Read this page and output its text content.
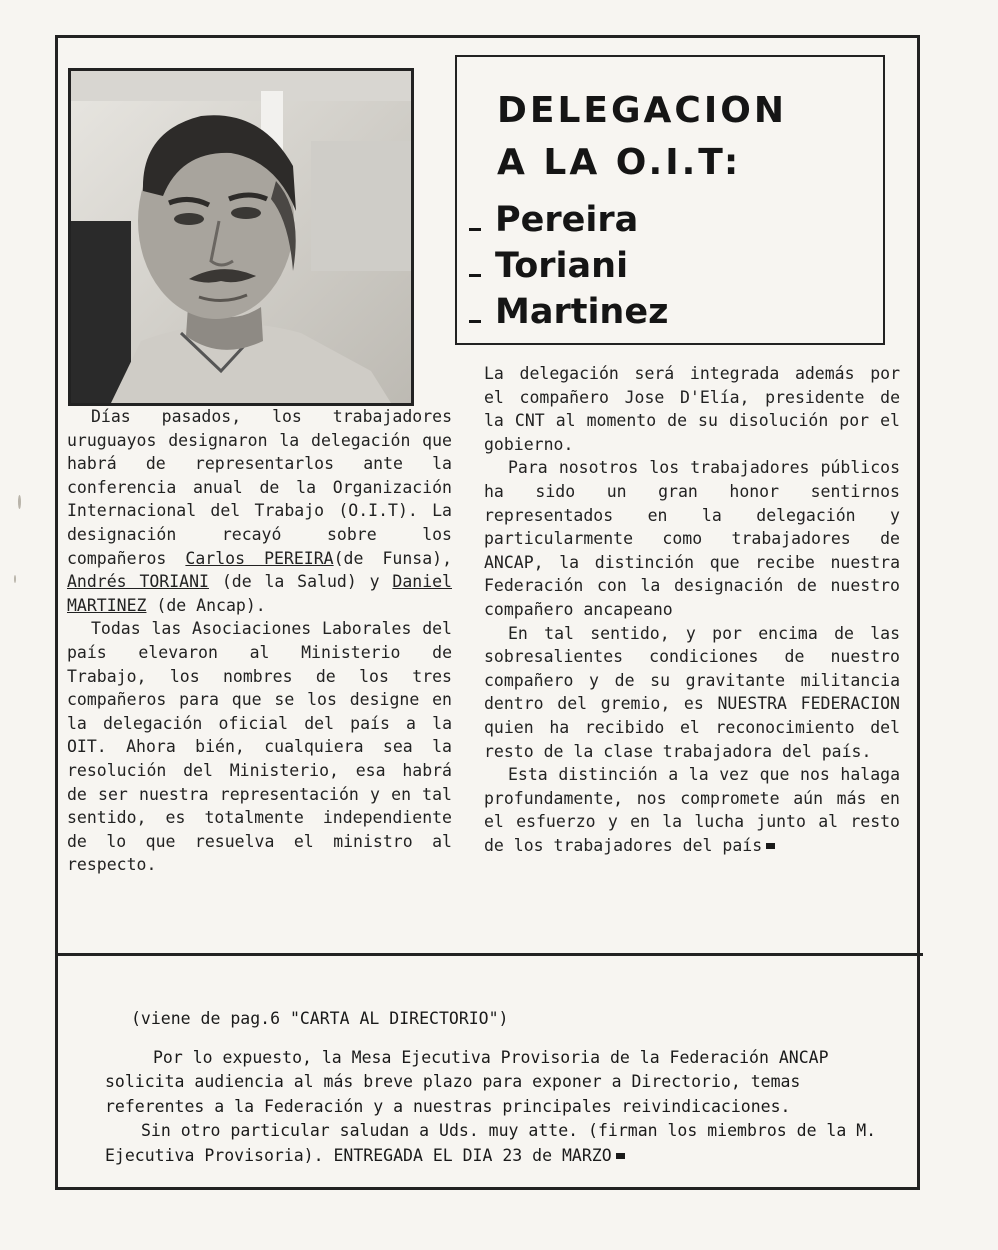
DELEGACION
A LA O.I.T:
Pereira
Toriani
Martinez

Días pasados, los trabajadores uruguayos designaron la delegación que habrá de representarlos ante la conferencia anual de la Organización Internacional del Trabajo (O.I.T). La designación recayó sobre los compañeros Carlos PEREIRA(de Funsa), Andrés TORIANI (de la Salud) y Daniel MARTINEZ (de Ancap).

Todas las Asociaciones Laborales del país elevaron al Ministerio de Trabajo, los nombres de los tres compañeros para que se los designe en la delegación oficial del país a la OIT. Ahora bién, cualquiera sea la resolución del Ministerio, esa habrá de ser nuestra representación y en tal sentido, es totalmente independiente de lo que resuelva el ministro al respecto.

La delegación será integrada además por el compañero Jose D'Elía, presidente de la CNT al momento de su disolución por el gobierno.

Para nosotros los trabajadores públicos ha sido un gran honor sentirnos representados en la delegación y particularmente como trabajadores de ANCAP, la distinción que recibe nuestra Federación con la designación de nuestro compañero ancapeano

En tal sentido, y por encima de las sobresalientes condiciones de nuestro compañero y de su gravitante militancia dentro del gremio, es NUESTRA FEDERACION quien ha recibido el reconocimiento del resto de la clase trabajadora del país.

Esta distinción a la vez que nos halaga profundamente, nos compromete aún más en el esfuerzo y en la lucha junto al resto de los trabajadores del país

(viene de pag.6 "CARTA AL DIRECTORIO")

Por lo expuesto, la Mesa Ejecutiva Provisoria de la Federación ANCAP solicita audiencia al más breve plazo para exponer a Directorio, temas referentes a la Federación y a nuestras principales reivindicaciones.

Sin otro particular saludan a Uds. muy atte. (firman los miembros de la M. Ejecutiva Provisoria). ENTREGADA EL DIA 23 de MARZO
